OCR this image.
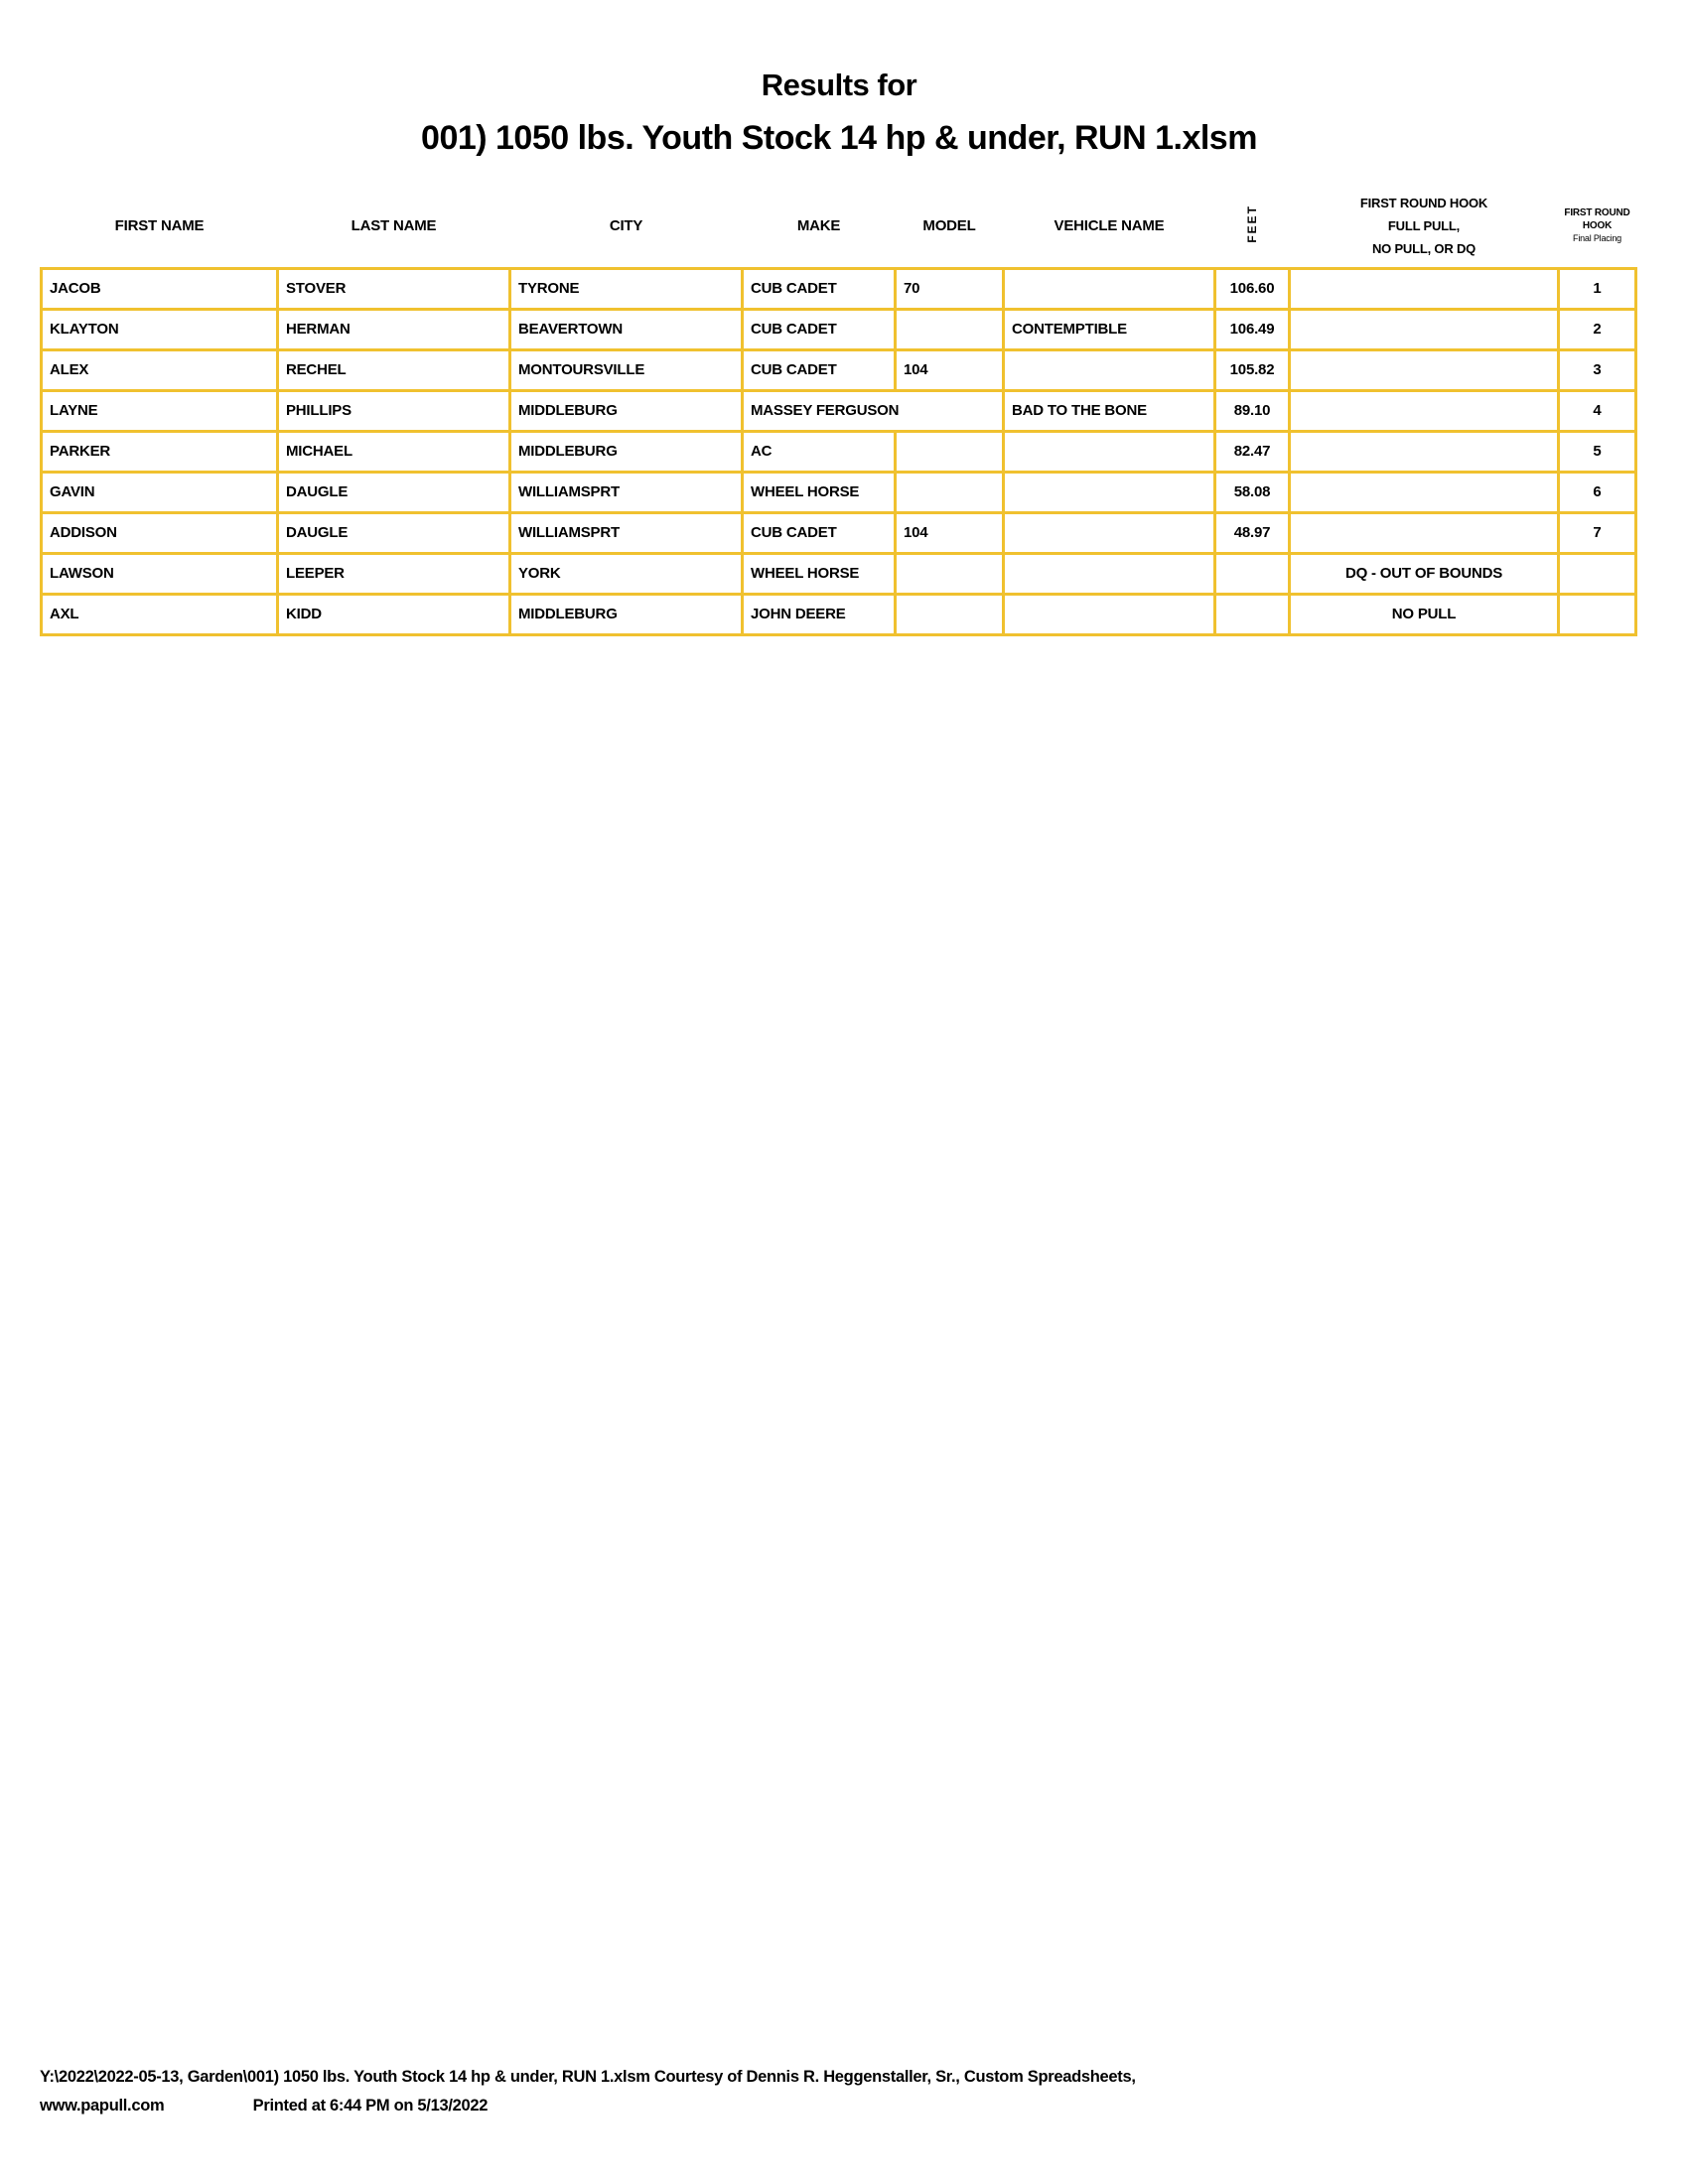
Results for
001) 1050 lbs. Youth Stock 14 hp & under, RUN 1.xlsm
FIRST NAME	LAST NAME	CITY	MAKE	MODEL	VEHICLE NAME	FEET	FIRST ROUND HOOK
FULL PULL,
NO PULL, OR DQ	FIRST ROUND
HOOK
Final Placing

JACOB	STOVER	TYRONE	CUB CADET	70		106.60		1
KLAYTON	HERMAN	BEAVERTOWN	CUB CADET		CONTEMPTIBLE	106.49		2
ALEX	RECHEL	MONTOURSVILLE	CUB CADET	104		105.82		3
LAYNE	PHILLIPS	MIDDLEBURG	MASSEY FERGUSON		BAD TO THE BONE	89.10		4
PARKER	MICHAEL	MIDDLEBURG	AC			82.47		5
GAVIN	DAUGLE	WILLIAMSPRT	WHEEL HORSE			58.08		6
ADDISON	DAUGLE	WILLIAMSPRT	CUB CADET	104		48.97		7
LAWSON	LEEPER	YORK	WHEEL HORSE				DQ - OUT OF BOUNDS	
AXL	KIDD	MIDDLEBURG	JOHN DEERE				NO PULL	
Y:\2022\2022-05-13, Garden\001) 1050 lbs. Youth Stock 14 hp & under, RUN 1.xlsm Courtesy of Dennis R. Heggenstaller, Sr., Custom Spreadsheets,
www.papull.com	Printed at 6:44 PM on 5/13/2022
